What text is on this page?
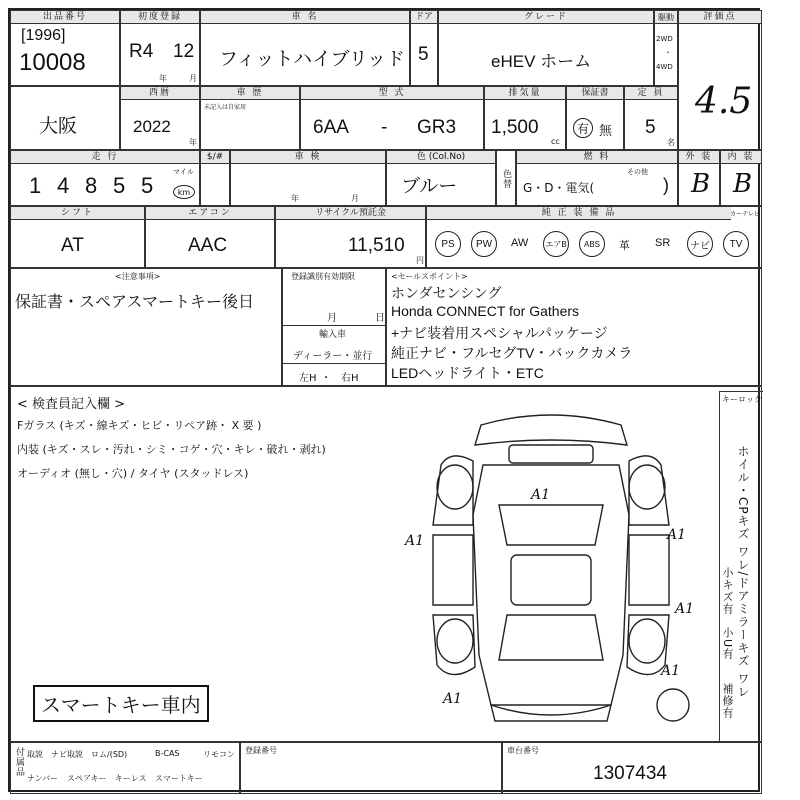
出品番号
[1996]
10008
初度登録
R4 12
年	月
車 名
フィットハイブリッド
ドア
5
グレード
eHEV ホーム
駆動
2WD
・
4WD
評価点
4.5
大阪
西暦
2022
年
車 歴
未記入は自家用
型 式
6AA - GR3
排気量
1,500
cc
保証書
有 無
定 員
5
名
走 行
1 4 8 5 5
マイル
km
$/#	車 検
年	月
色 (Col.No)
ブルー	色替
燃 料
G・D・電気(
その他
)
外 装
B
内 装
B
シフト
AT
エアコン
AAC
リサイクル預託金
11,510
円
純 正 装 備 品	カーテレビ
PS	PW	AW エアB	ABS	革 SR	ナビ	TV
<注意事項>
保証書・スペアスマートキー後日
登録識別有効期限
月	日
輸入車
ディーラー・並行
左H ・ 右H
<セールスポイント>
ホンダセンシング
Honda CONNECT for Gathers
+ナビ装着用スペシャルパッケージ
純正ナビ・フルセグTV・バックカメラ
LEDヘッドライト・ETC
< 検査員記入欄 >
Fガラス (キズ・線キズ・ヒビ・リペア跡・ X 要 )
内装 (キズ・スレ・汚れ・シミ・コゲ・穴・キレ・破れ・剥れ)
オーディオ (無し・穴) / タイヤ (スタッドレス)
スマートキー車内
キーロック
ホイル・CPキズ ワレ/ドアミラーキズ ワレ
小キズ有
小U有
補修有
A1
A1	A1
A1
A1
A1
付属品 取説 ナビ取説 ロム/(SD)	B-CAS	リモコン
ナンバー スペアキー キーレス スマートキー
登録番号	車台番号
1307434
